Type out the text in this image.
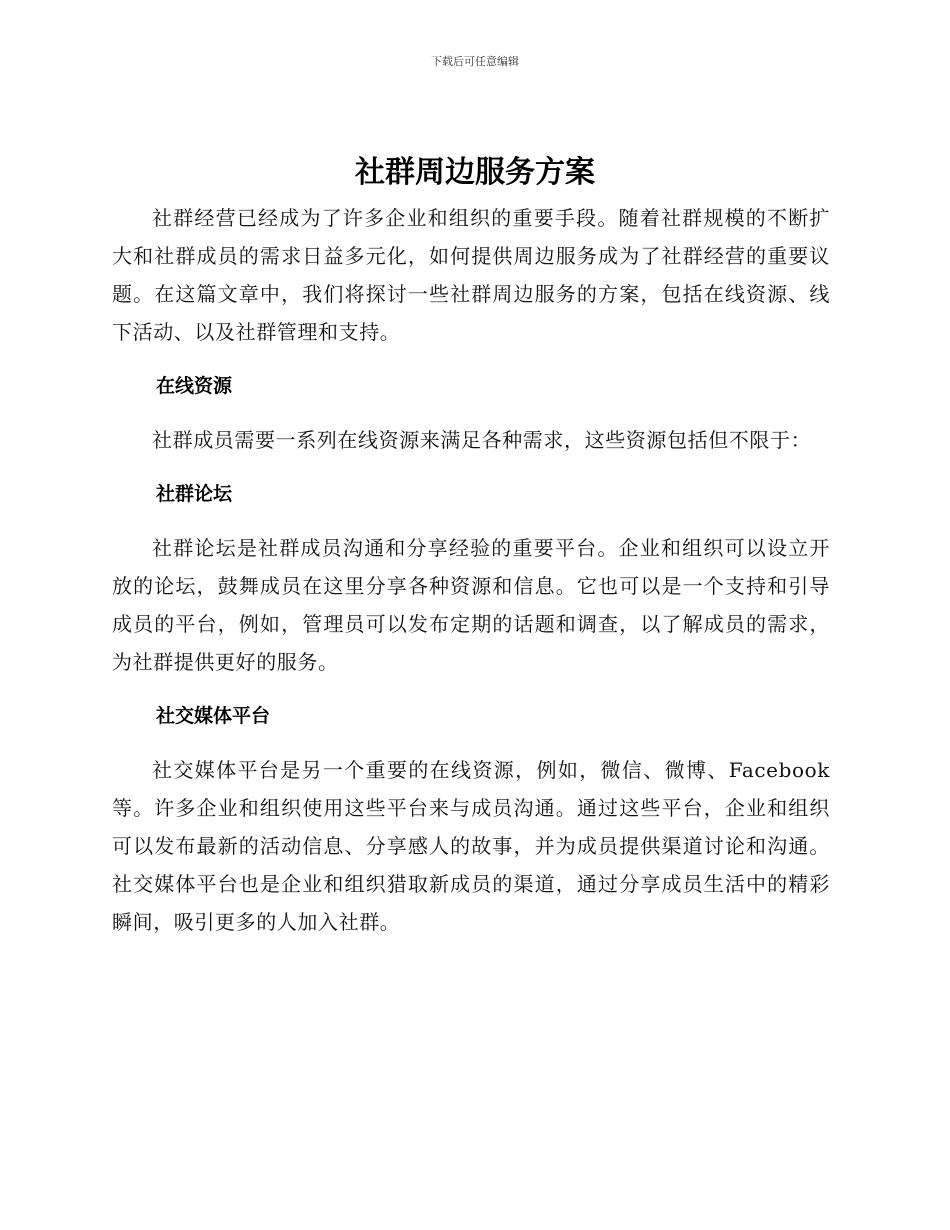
下载后可任意编辑
社群周边服务方案

社群经营已经成为了许多企业和组织的重要手段。随着社群规模的不断扩大和社群成员的需求日益多元化，如何提供周边服务成为了社群经营的重要议题。在这篇文章中，我们将探讨一些社群周边服务的方案，包括在线资源、线下活动、以及社群管理和支持。

在线资源

社群成员需要一系列在线资源来满足各种需求，这些资源包括但不限于：

社群论坛

社群论坛是社群成员沟通和分享经验的重要平台。企业和组织可以设立开放的论坛，鼓舞成员在这里分享各种资源和信息。它也可以是一个支持和引导成员的平台，例如，管理员可以发布定期的话题和调查，以了解成员的需求，为社群提供更好的服务。

社交媒体平台

社交媒体平台是另一个重要的在线资源，例如，微信、微博、Facebook等。许多企业和组织使用这些平台来与成员沟通。通过这些平台，企业和组织可以发布最新的活动信息、分享感人的故事，并为成员提供渠道讨论和沟通。社交媒体平台也是企业和组织猎取新成员的渠道，通过分享成员生活中的精彩瞬间，吸引更多的人加入社群。
